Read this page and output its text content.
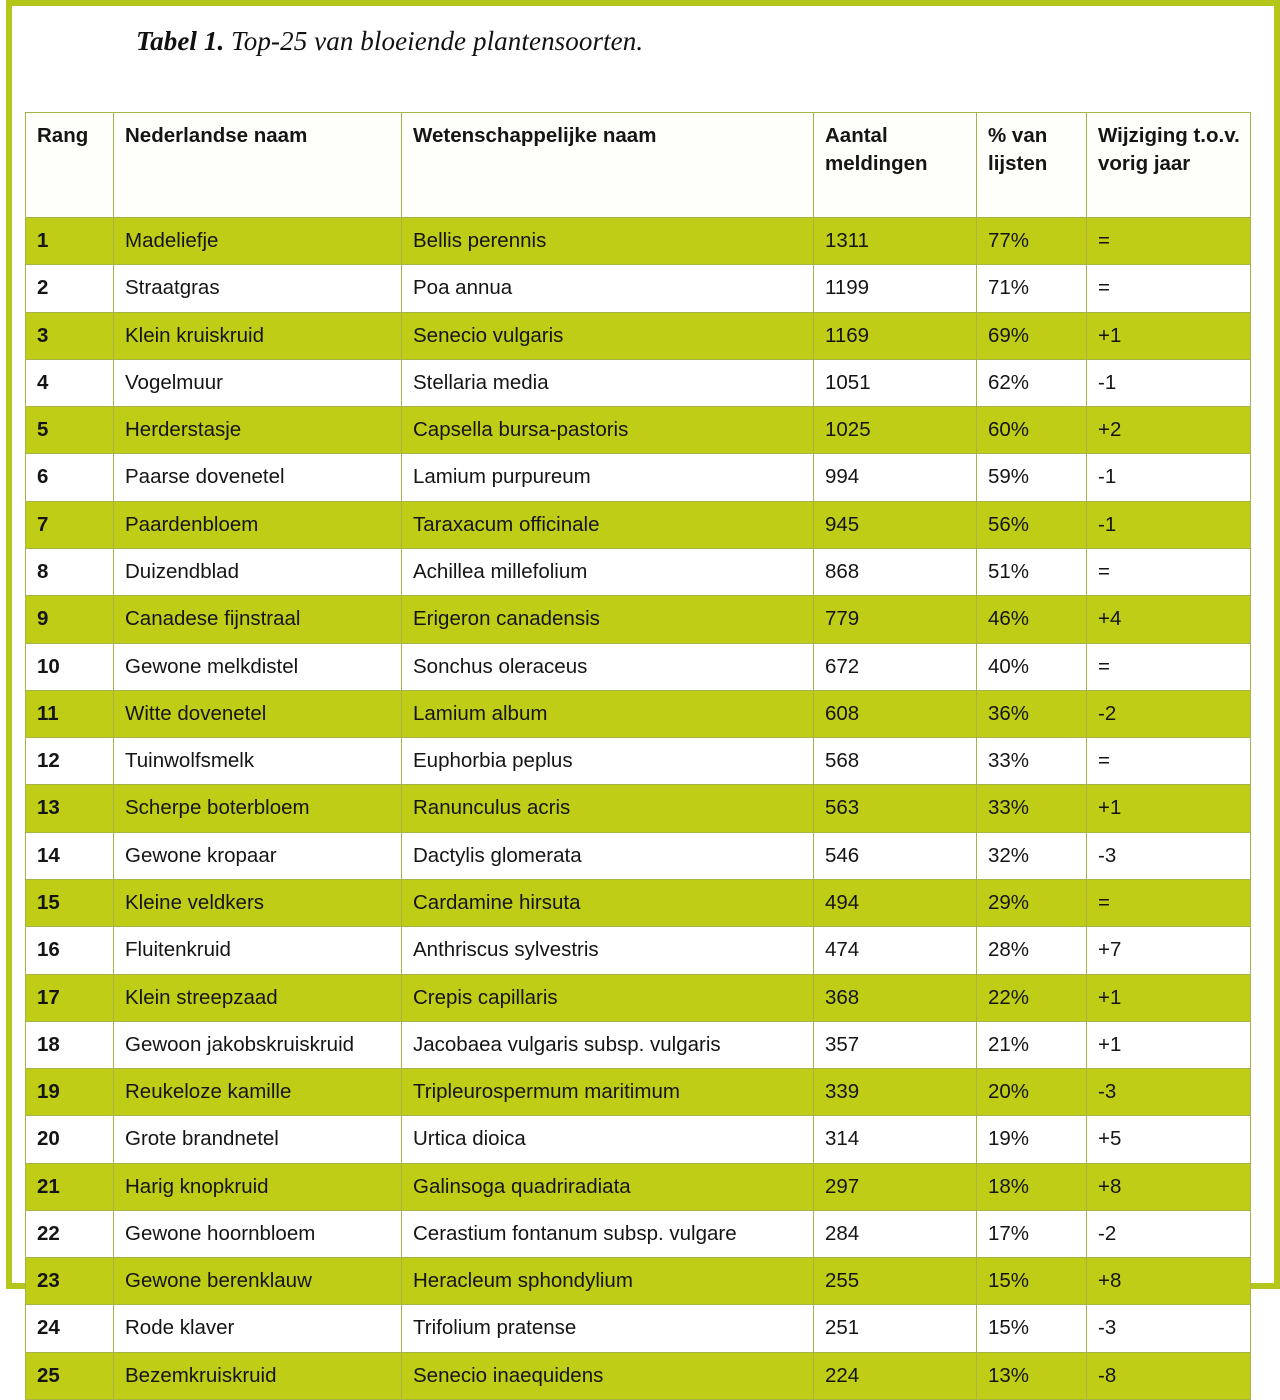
Tabel 1. Top-25 van bloeiende plantensoorten.
Rang	Nederlandse naam	Wetenschappelijke naam	Aantal meldingen	% van lijsten	Wijziging t.o.v. vorig jaar
1	Madeliefje	Bellis perennis	1311	77%	=
2	Straatgras	Poa annua	1199	71%	=
3	Klein kruiskruid	Senecio vulgaris	1169	69%	+1
4	Vogelmuur	Stellaria media	1051	62%	-1
5	Herderstasje	Capsella bursa-pastoris	1025	60%	+2
6	Paarse dovenetel	Lamium purpureum	994	59%	-1
7	Paardenbloem	Taraxacum officinale	945	56%	-1
8	Duizendblad	Achillea millefolium	868	51%	=
9	Canadese fijnstraal	Erigeron canadensis	779	46%	+4
10	Gewone melkdistel	Sonchus oleraceus	672	40%	=
11	Witte dovenetel	Lamium album	608	36%	-2
12	Tuinwolfsmelk	Euphorbia peplus	568	33%	=
13	Scherpe boterbloem	Ranunculus acris	563	33%	+1
14	Gewone kropaar	Dactylis glomerata	546	32%	-3
15	Kleine veldkers	Cardamine hirsuta	494	29%	=
16	Fluitenkruid	Anthriscus sylvestris	474	28%	+7
17	Klein streepzaad	Crepis capillaris	368	22%	+1
18	Gewoon jakobskruiskruid	Jacobaea vulgaris subsp. vulgaris	357	21%	+1
19	Reukeloze kamille	Tripleurospermum maritimum	339	20%	-3
20	Grote brandnetel	Urtica dioica	314	19%	+5
21	Harig knopkruid	Galinsoga quadriradiata	297	18%	+8
22	Gewone hoornbloem	Cerastium fontanum subsp. vulgare	284	17%	-2
23	Gewone berenklauw	Heracleum sphondylium	255	15%	+8
24	Rode klaver	Trifolium pratense	251	15%	-3
25	Bezemkruiskruid	Senecio inaequidens	224	13%	-8
